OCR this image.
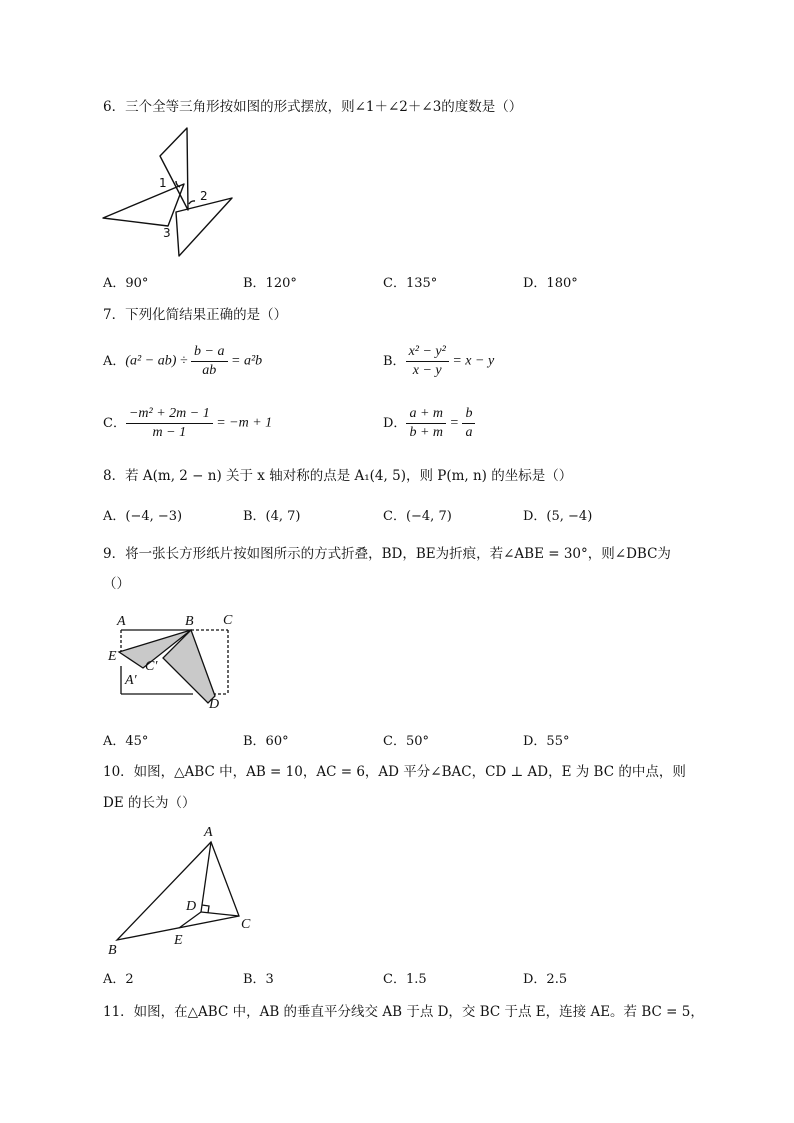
6．三个全等三角形按如图的形式摆放，则∠1＋∠2＋∠3的度数是（）
1
2
3
A．90°	B．120°	C．135°	D．180°
7．下列化简结果正确的是（）
A．$(a^2 - ab) \div \frac{b - a}{ab} = a^2b$	B． $\frac{\text{x² − y²}}{x - y} = x - y$
C． $\frac{\text{−m² + 2m − 1}}{m - 1} = -m + 1$	D． $\frac{a + m}{b + m} = \frac{b}{a}$
8．若 A(m, 2 − n) 关于 x 轴对称的点是 A₁(4, 5)，则 P(m, n) 的坐标是（）
A．(−4, −3)	B．(4, 7)	C．(−4, 7)	D．(5, −4)
9．将一张长方形纸片按如图所示的方式折叠，BD，BE为折痕，若∠ABE = 30°，则∠DBC为
（）
A	B C
E
C′
A′
D
A．45°	B．60°	C．50°	D．55°
10．如图，△ABC 中，AB = 10，AC = 6，AD 平分∠BAC，CD ⊥ AD，E 为 BC 的中点，则
DE 的长为（）
A
B
C
D
E
A．2	B．3	C．1.5	D．2.5
11．如图，在△ABC 中，AB 的垂直平分线交 AB 于点 D，交 BC 于点 E，连接 AE。若 BC = 5，
